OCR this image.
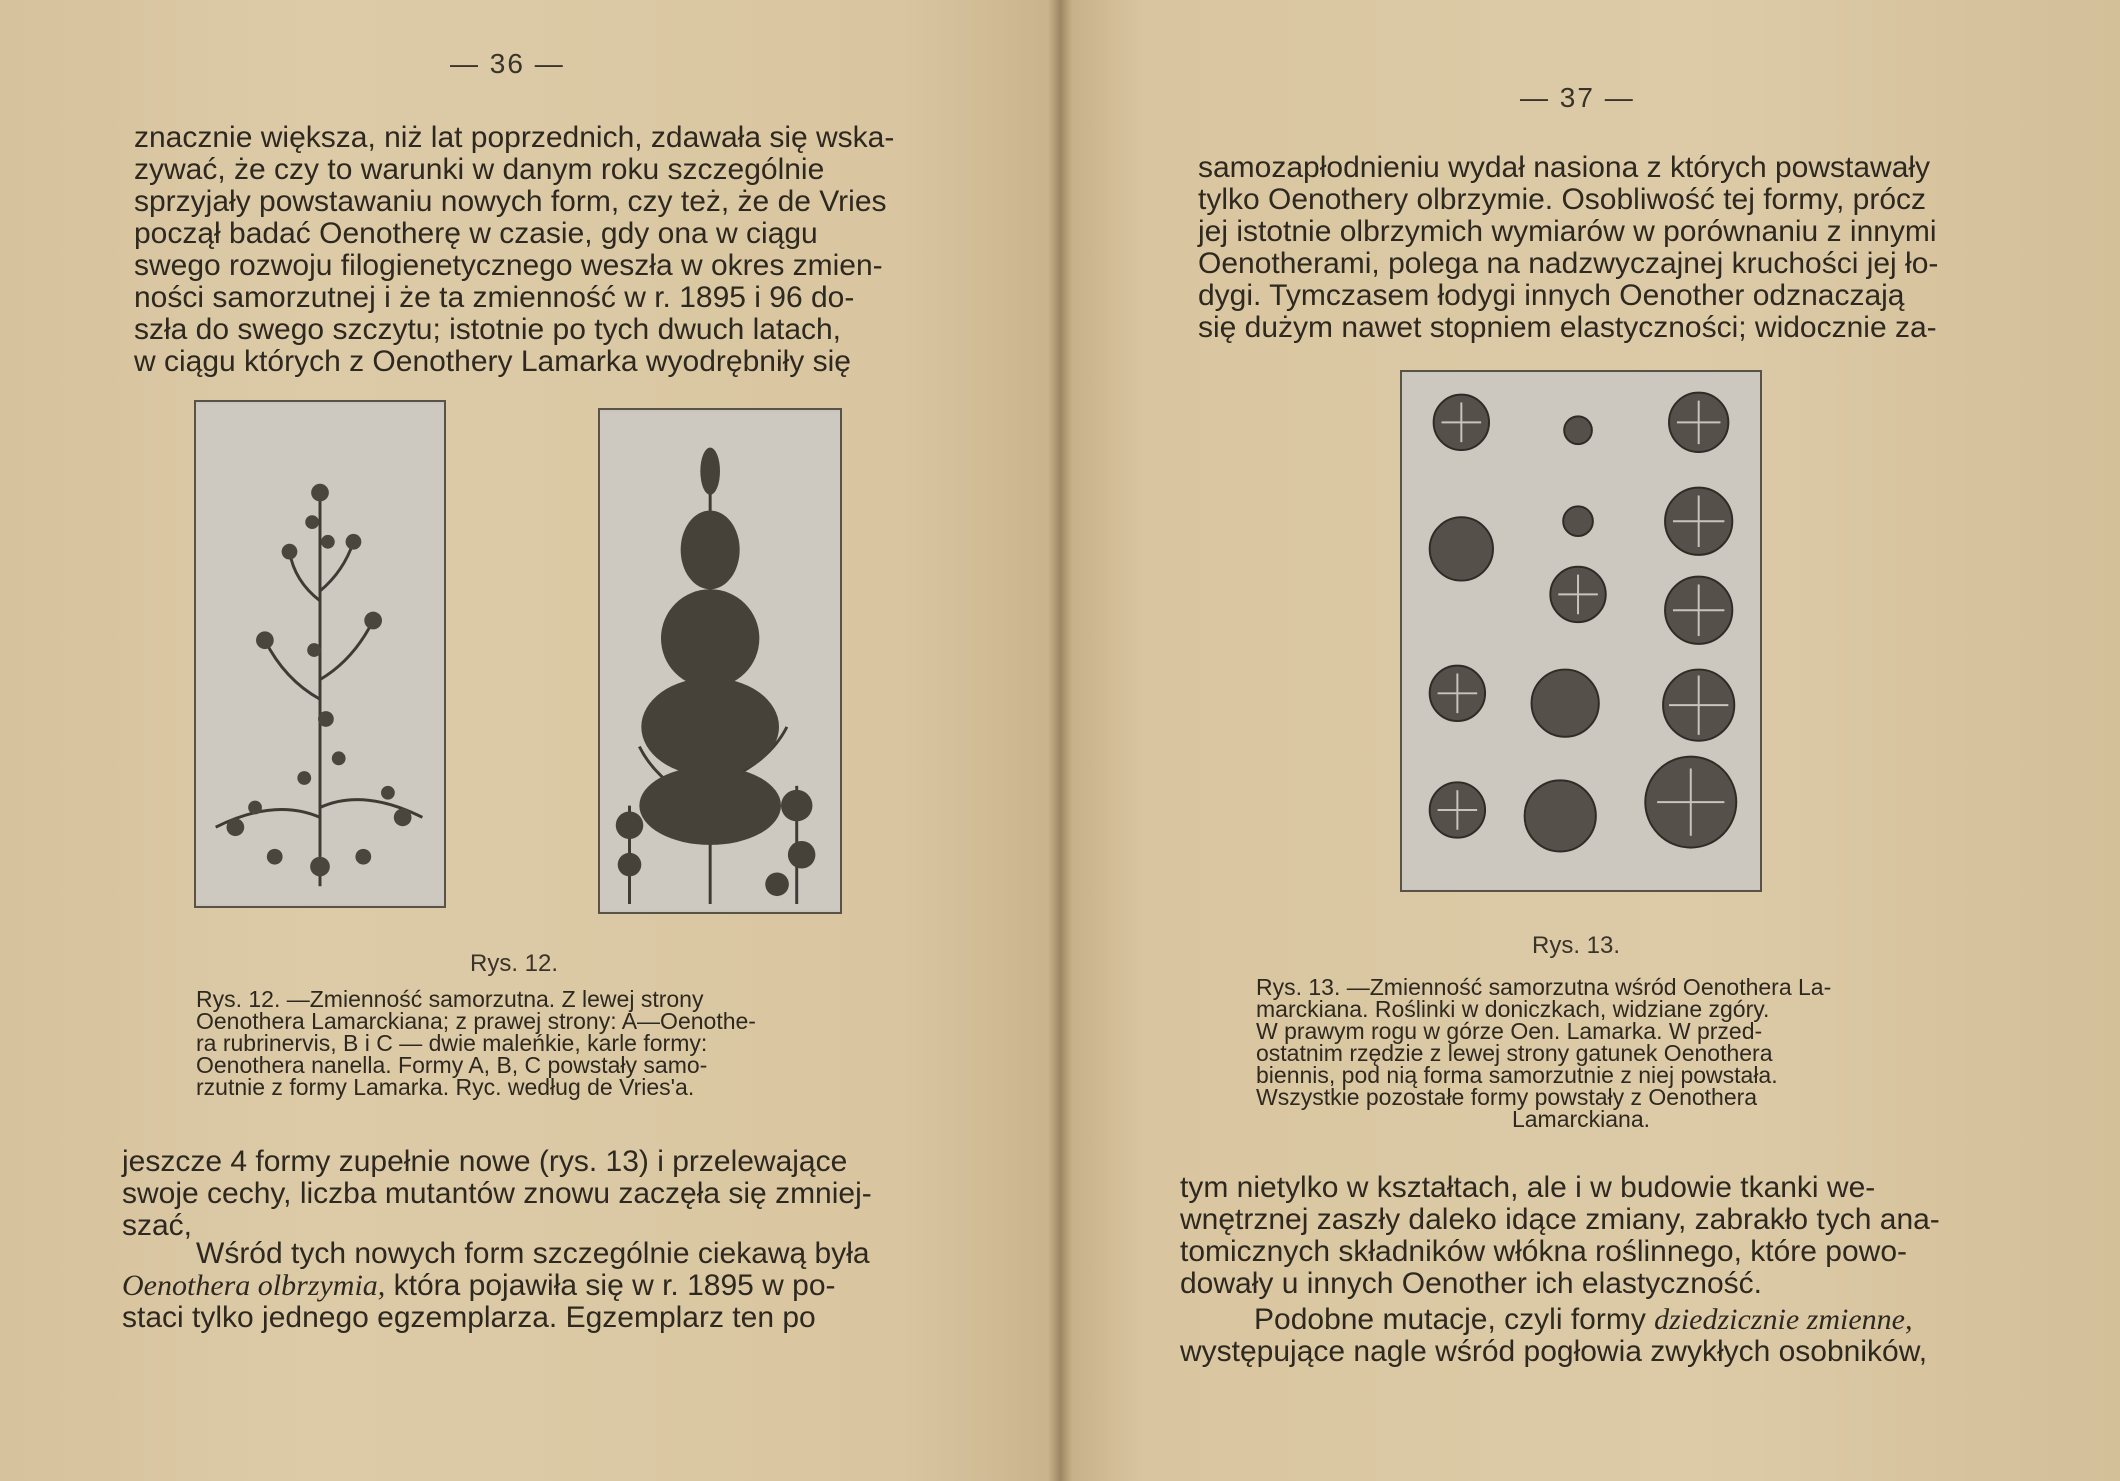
— 36 —
znacznie większa, niż lat poprzednich, zdawała się wska-
zywać, że czy to warunki w danym roku szczególnie
sprzyjały powstawaniu nowych form, czy też, że de Vries
począł badać Oenotherę w czasie, gdy ona w ciągu
swego rozwoju filogienetycznego weszła w okres zmien-
ności samorzutnej i że ta zmienność w r. 1895 i 96 do-
szła do swego szczytu; istotnie po tych dwuch latach,
w ciągu których z Oenothery Lamarka wyodrębniły się
Rys. 12.
Rys. 12. —Zmienność samorzutna. Z lewej strony
Oenothera Lamarckiana; z prawej strony: A—Oenothe-
ra rubrinervis, B i C — dwie maleńkie, karle formy:
Oenothera nanella. Formy A, B, C powstały samo-
rzutnie z formy Lamarka. Ryc. według de Vries'a.
jeszcze 4 formy zupełnie nowe (rys. 13) i przelewające
swoje cechy, liczba mutantów znowu zaczęła się zmniej-
szać,
Wśród tych nowych form szczególnie ciekawą była
Oenothera olbrzymia, która pojawiła się w r. 1895 w po-
staci tylko jednego egzemplarza. Egzemplarz ten po
— 37 —
samozapłodnieniu wydał nasiona z których powstawały
tylko Oenothery olbrzymie. Osobliwość tej formy, prócz
jej istotnie olbrzymich wymiarów w porównaniu z innymi
Oenotherami, polega na nadzwyczajnej kruchości jej ło-
dygi. Tymczasem łodygi innych Oenother odznaczają
się dużym nawet stopniem elastyczności; widocznie za-
Rys. 13.
Rys. 13. —Zmienność samorzutna wśród Oenothera La-
marckiana. Roślinki w doniczkach, widziane zgóry.
W prawym rogu w górze Oen. Lamarka. W przed-
ostatnim rzędzie z lewej strony gatunek Oenothera
biennis, pod nią forma samorzutnie z niej powstała.
Wszystkie pozostałe formy powstały z Oenothera
Lamarckiana.
tym nietylko w kształtach, ale i w budowie tkanki we-
wnętrznej zaszły daleko idące zmiany, zabrakło tych ana-
tomicznych składników włókna roślinnego, które powo-
dowały u innych Oenother ich elastyczność.
Podobne mutacje, czyli formy dziedzicznie zmienne,
występujące nagle wśród pogłowia zwykłych osobników,
